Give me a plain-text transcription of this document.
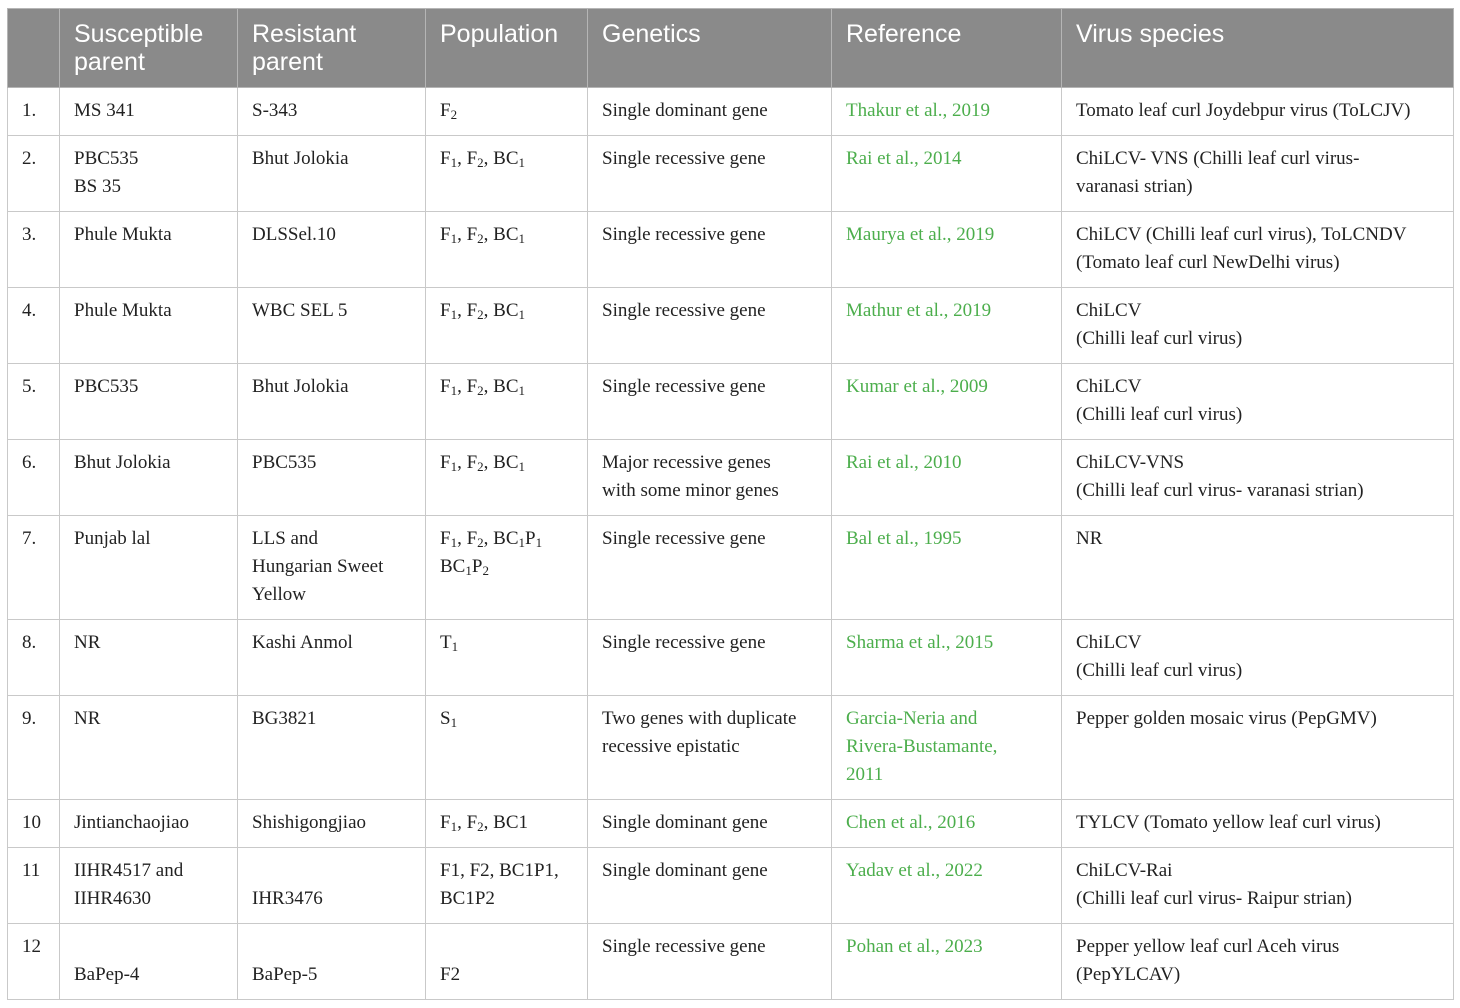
	Susceptible parent	Resistant parent	Population	Genetics	Reference	Virus species
1.	MS 341	S-343	$F_2$	Single dominant gene	Thakur et al., 2019	Tomato leaf curl Joydebpur virus (ToLCJV)
2.	PBC535
BS 35	Bhut Jolokia	$F_1$, $F_2$, $BC_1$	Single recessive gene	Rai et al., 2014	ChiLCV- VNS (Chilli leaf curl virus-
varanasi strian)
3.	Phule Mukta	DLSSel.10	$F_1$, $F_2$, $BC_1$	Single recessive gene	Maurya et al., 2019	ChiLCV (Chilli leaf curl virus), ToLCNDV
(Tomato leaf curl NewDelhi virus)
4.	Phule Mukta	WBC SEL 5	$F_1$, $F_2$, $BC_1$	Single recessive gene	Mathur et al., 2019	ChiLCV
(Chilli leaf curl virus)
5.	PBC535	Bhut Jolokia	$F_1$, $F_2$, $BC_1$	Single recessive gene	Kumar et al., 2009	ChiLCV
(Chilli leaf curl virus)
6.	Bhut Jolokia	PBC535	$F_1$, $F_2$, $BC_1$	Major recessive genes
with some minor genes	Rai et al., 2010	ChiLCV-VNS
(Chilli leaf curl virus- varanasi strian)
7.	Punjab lal	LLS and
Hungarian Sweet
Yellow	$F_1$, $F_2$, $BC_1P_1$
$BC_1P_2$	Single recessive gene	Bal et al., 1995	NR
8.	NR	Kashi Anmol	$T_1$	Single recessive gene	Sharma et al., 2015	ChiLCV
(Chilli leaf curl virus)
9.	NR	BG3821	$S_1$	Two genes with duplicate
recessive epistatic	Garcia-Neria and
Rivera-Bustamante,
2011	Pepper golden mosaic virus (PepGMV)
10	Jintianchaojiao	Shishigongjiao	$F_1$, $F_2$, BC1	Single dominant gene	Chen et al., 2016	TYLCV (Tomato yellow leaf curl virus)
11	IIHR4517 and
IIHR4630	IHR3476	F1, F2, BC1P1,
BC1P2	Single dominant gene	Yadav et al., 2022	ChiLCV-Rai
(Chilli leaf curl virus- Raipur strian)
12	BaPep-4	BaPep-5	F2	Single recessive gene	Pohan et al., 2023	Pepper yellow leaf curl Aceh virus
(PepYLCAV)
